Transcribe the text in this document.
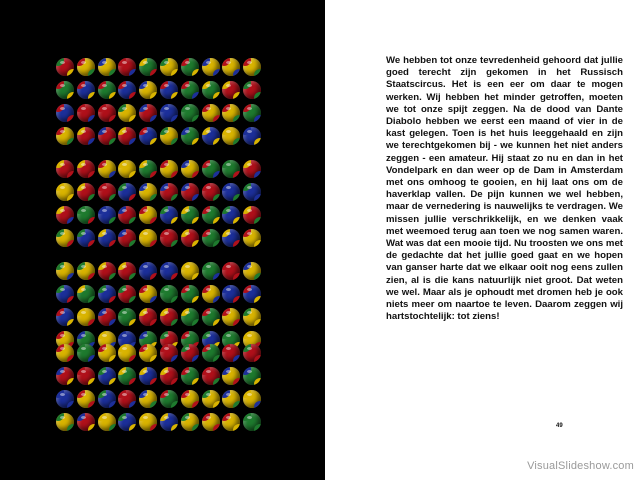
We hebben tot onze tevredenheid gehoord dat jullie goed terecht zijn gekomen in het Russisch Staatscircus. Het is een eer om daar te mogen werken. Wij hebben het minder getroffen, moeten we tot onze spijt zeggen. Na de dood van Dante Diabolo hebben we eerst een maand of vier in de kast gelegen. Toen is het huis leeggehaald en zijn we terechtgekomen bij - we kunnen het niet anders zeggen - een amateur. Hij staat zo nu en dan in het Vondelpark en dan weer op de Dam in Amsterdam met ons omhoog te gooien, en hij laat ons om de haverklap vallen. De pijn kunnen we wel hebben, maar de vernedering is nauwelijks te verdragen. We missen jullie verschrikkelijk, en we denken vaak met weemoed terug aan toen we nog samen waren. Wat was dat een mooie tijd. Nu troosten we ons met de gedachte dat het jullie goed gaat en we hopen van ganser harte dat we elkaar ooit nog eens zullen zien, al is die kans natuurlijk niet groot. Dat weten we wel. Maar als je ophoudt met dromen heb je ook niets meer om naartoe te leven. Daarom zeggen wij hartstochtelijk: tot ziens!

49
VisualSlideshow.com
